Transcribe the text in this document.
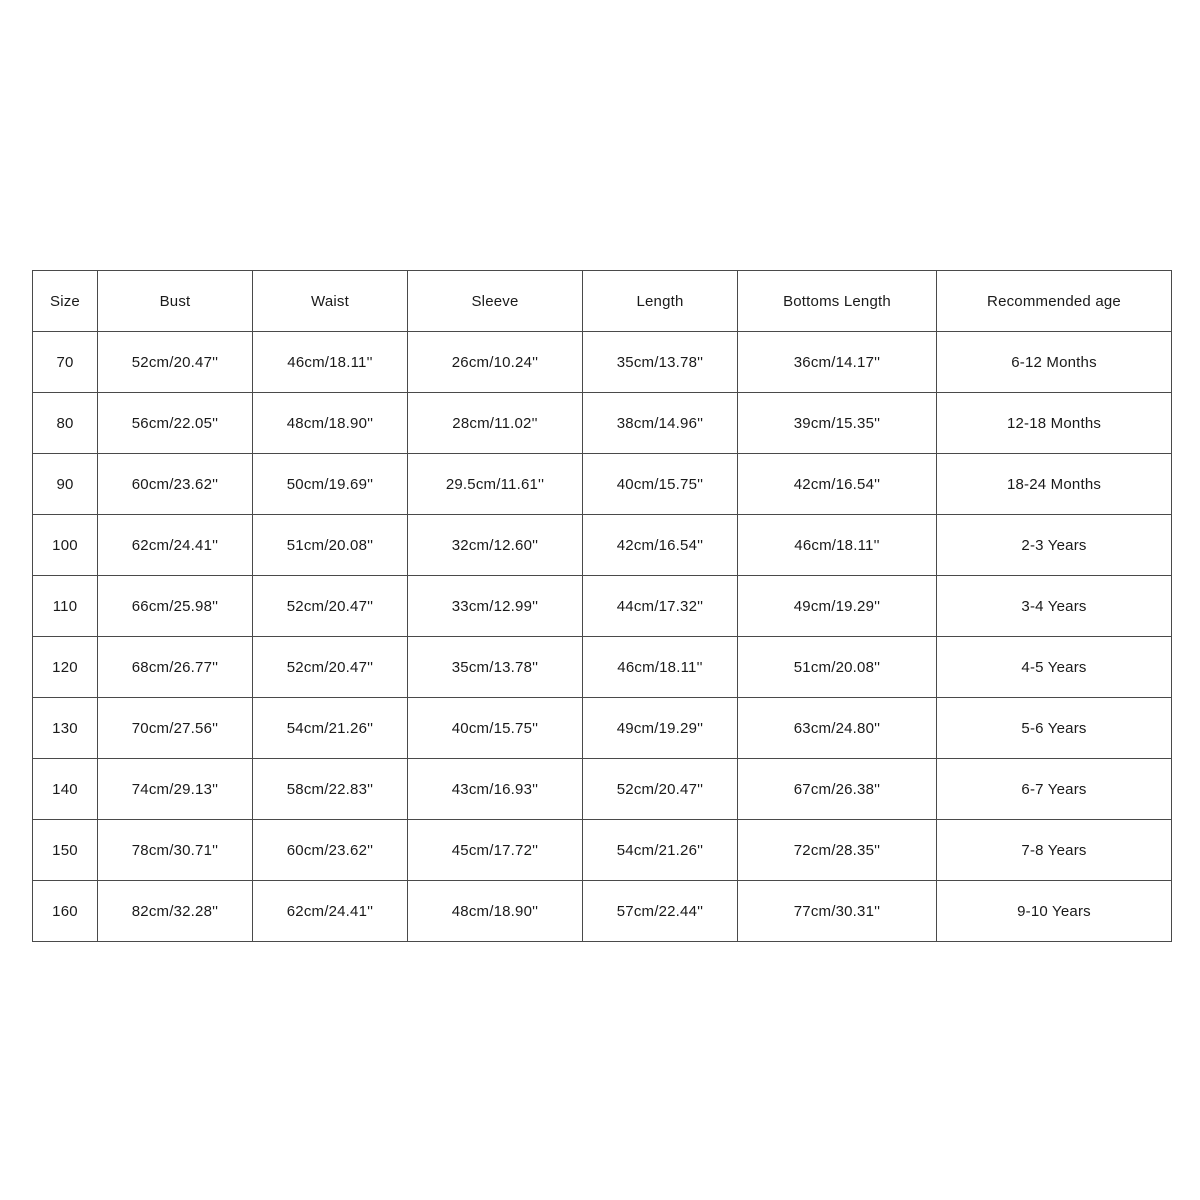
Size	Bust	Waist	Sleeve	Length	Bottoms Length	Recommended age
70	52cm/20.47''	46cm/18.11''	26cm/10.24''	35cm/13.78''	36cm/14.17''	6-12 Months
80	56cm/22.05''	48cm/18.90''	28cm/11.02''	38cm/14.96''	39cm/15.35''	12-18 Months
90	60cm/23.62''	50cm/19.69''	29.5cm/11.61''	40cm/15.75''	42cm/16.54''	18-24 Months
100	62cm/24.41''	51cm/20.08''	32cm/12.60''	42cm/16.54''	46cm/18.11''	2-3 Years
110	66cm/25.98''	52cm/20.47''	33cm/12.99''	44cm/17.32''	49cm/19.29''	3-4 Years
120	68cm/26.77''	52cm/20.47''	35cm/13.78''	46cm/18.11''	51cm/20.08''	4-5 Years
130	70cm/27.56''	54cm/21.26''	40cm/15.75''	49cm/19.29''	63cm/24.80''	5-6 Years
140	74cm/29.13''	58cm/22.83''	43cm/16.93''	52cm/20.47''	67cm/26.38''	6-7 Years
150	78cm/30.71''	60cm/23.62''	45cm/17.72''	54cm/21.26''	72cm/28.35''	7-8 Years
160	82cm/32.28''	62cm/24.41''	48cm/18.90''	57cm/22.44''	77cm/30.31''	9-10 Years
